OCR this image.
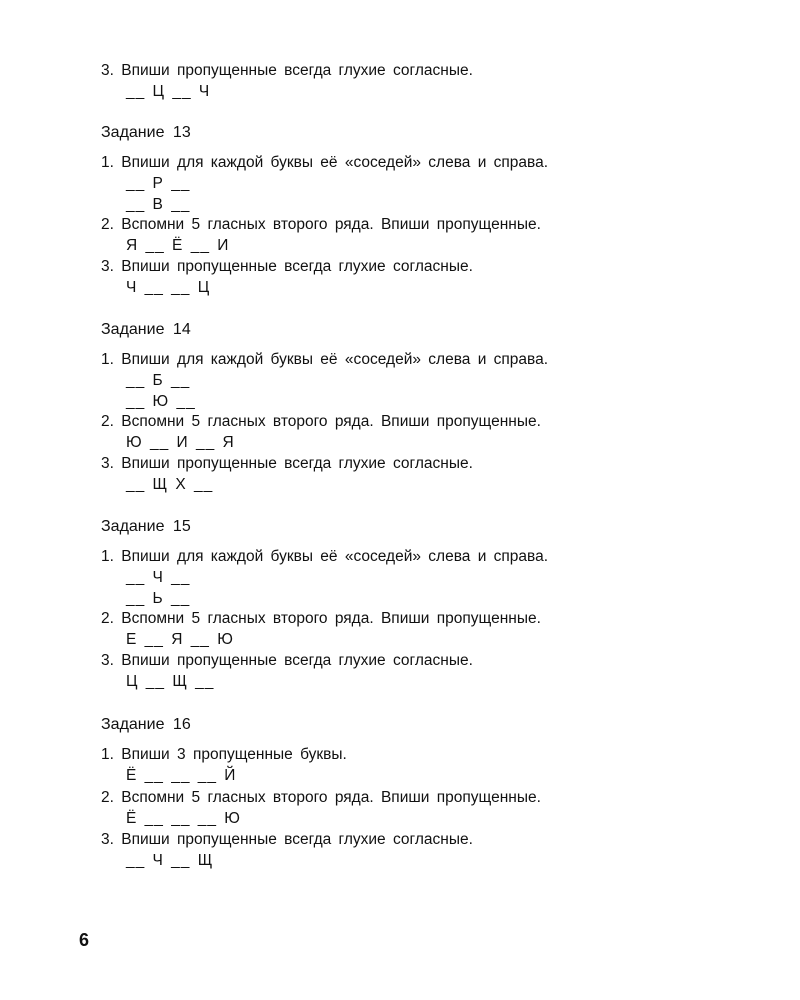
3. Впиши пропущенные всегда глухие согласные.
__ Ц __ Ч
Задание 13
1. Впиши для каждой буквы её «соседей» слева и справа.
__ Р __
__ В __
2. Вспомни 5 гласных второго ряда. Впиши пропущенные.
Я __ Ё __ И
3. Впиши пропущенные всегда глухие согласные.
Ч __ __ Ц
Задание 14
1. Впиши для каждой буквы её «соседей» слева и справа.
__ Б __
__ Ю __
2. Вспомни 5 гласных второго ряда. Впиши пропущенные.
Ю __ И __ Я
3. Впиши пропущенные всегда глухие согласные.
__ Щ Х __
Задание 15
1. Впиши для каждой буквы её «соседей» слева и справа.
__ Ч __
__ Ь __
2. Вспомни 5 гласных второго ряда. Впиши пропущенные.
Е __ Я __ Ю
3. Впиши пропущенные всегда глухие согласные.
Ц __ Щ __
Задание 16
1. Впиши 3 пропущенные буквы.
Ё __ __ __ Й
2. Вспомни 5 гласных второго ряда. Впиши пропущенные.
Ё __ __ __ Ю
3. Впиши пропущенные всегда глухие согласные.
__ Ч __ Щ
6
